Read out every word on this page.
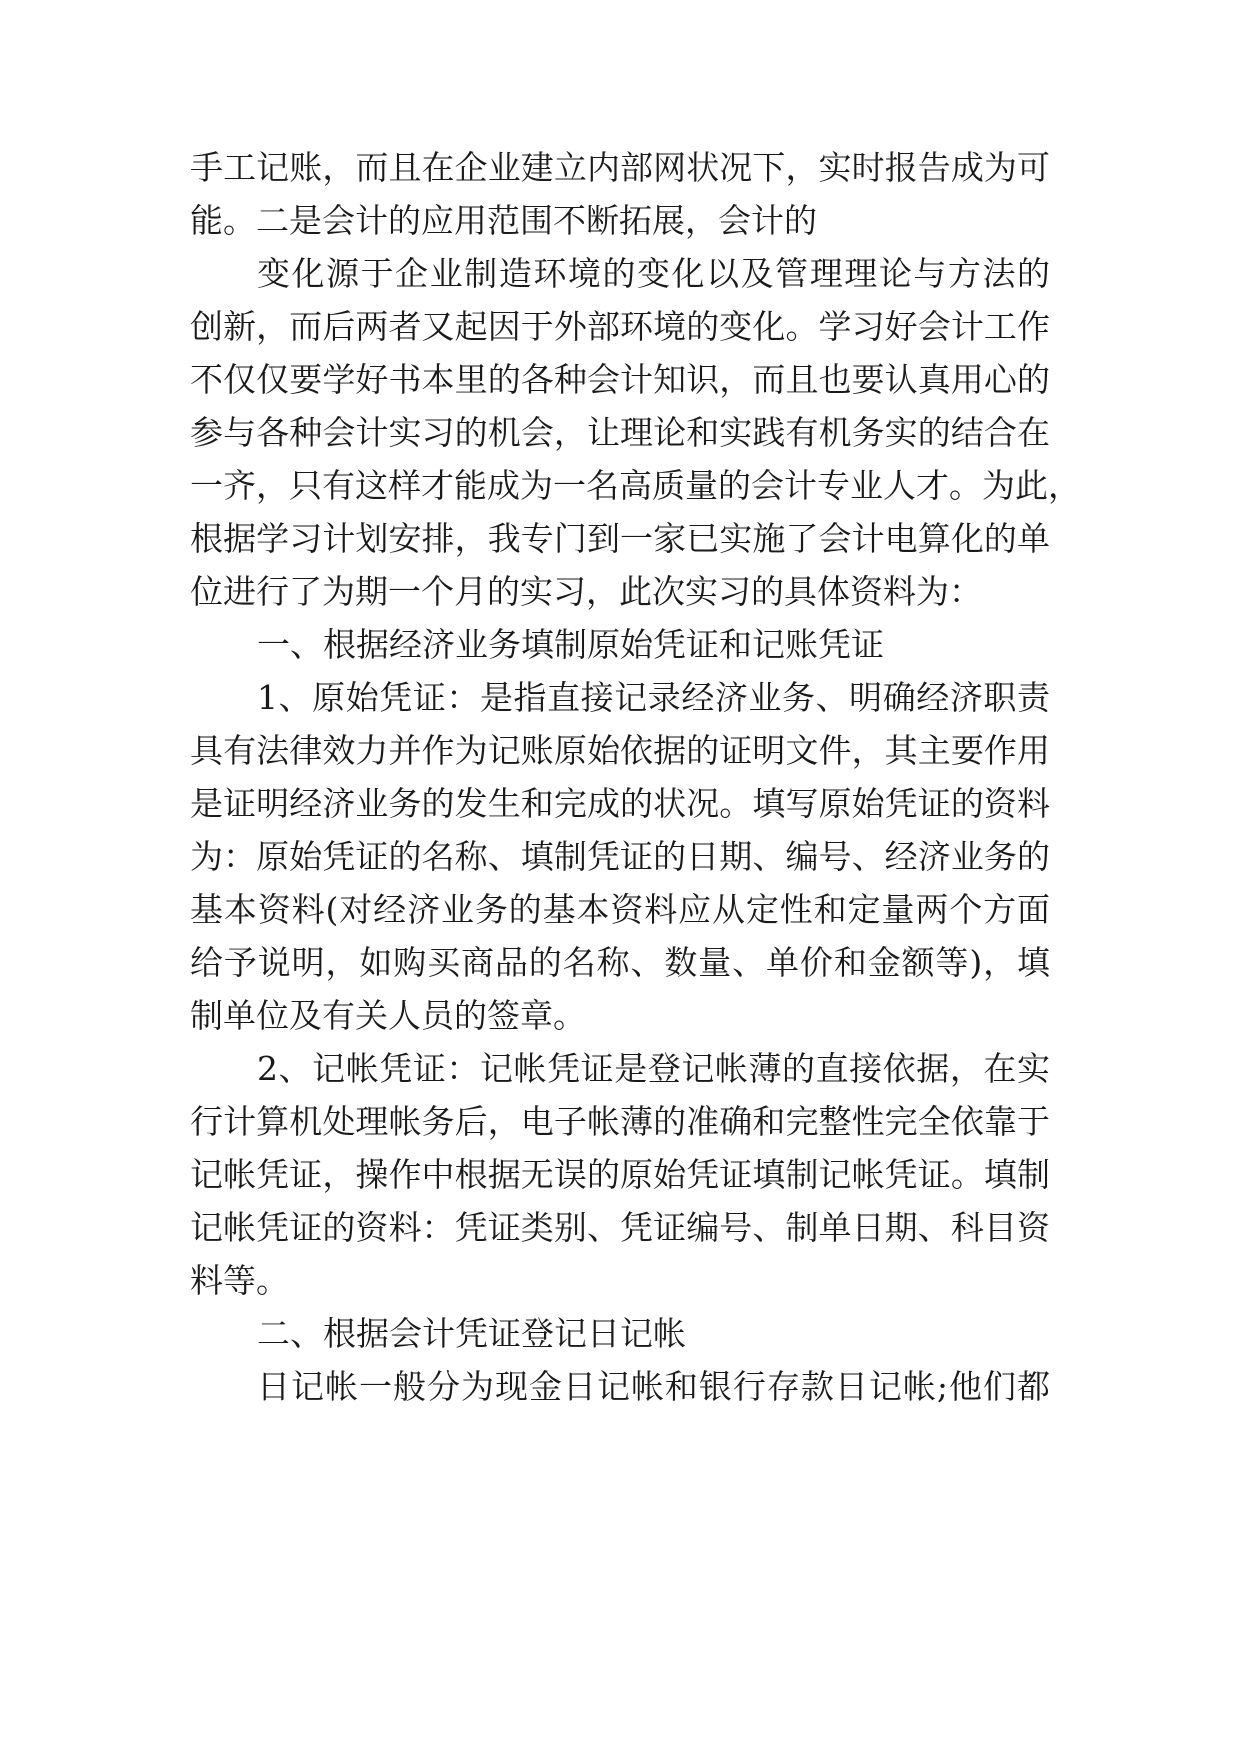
手工记账，而且在企业建立内部网状况下，实时报告成为可
能。二是会计的应用范围不断拓展，会计的
变化源于企业制造环境的变化以及管理理论与方法的
创新，而后两者又起因于外部环境的变化。学习好会计工作
不仅仅要学好书本里的各种会计知识，而且也要认真用心的
参与各种会计实习的机会，让理论和实践有机务实的结合在
一齐，只有这样才能成为一名高质量的会计专业人才。为此，
根据学习计划安排，我专门到一家已实施了会计电算化的单
位进行了为期一个月的实习，此次实习的具体资料为：
一、根据经济业务填制原始凭证和记账凭证
1、原始凭证：是指直接记录经济业务、明确经济职责
具有法律效力并作为记账原始依据的证明文件，其主要作用
是证明经济业务的发生和完成的状况。填写原始凭证的资料
为：原始凭证的名称、填制凭证的日期、编号、经济业务的
基本资料(对经济业务的基本资料应从定性和定量两个方面
给予说明，如购买商品的名称、数量、单价和金额等)，填
制单位及有关人员的签章。
2、记帐凭证：记帐凭证是登记帐薄的直接依据，在实
行计算机处理帐务后，电子帐薄的准确和完整性完全依靠于
记帐凭证，操作中根据无误的原始凭证填制记帐凭证。填制
记帐凭证的资料：凭证类别、凭证编号、制单日期、科目资
料等。
二、根据会计凭证登记日记帐
日记帐一般分为现金日记帐和银行存款日记帐;他们都
